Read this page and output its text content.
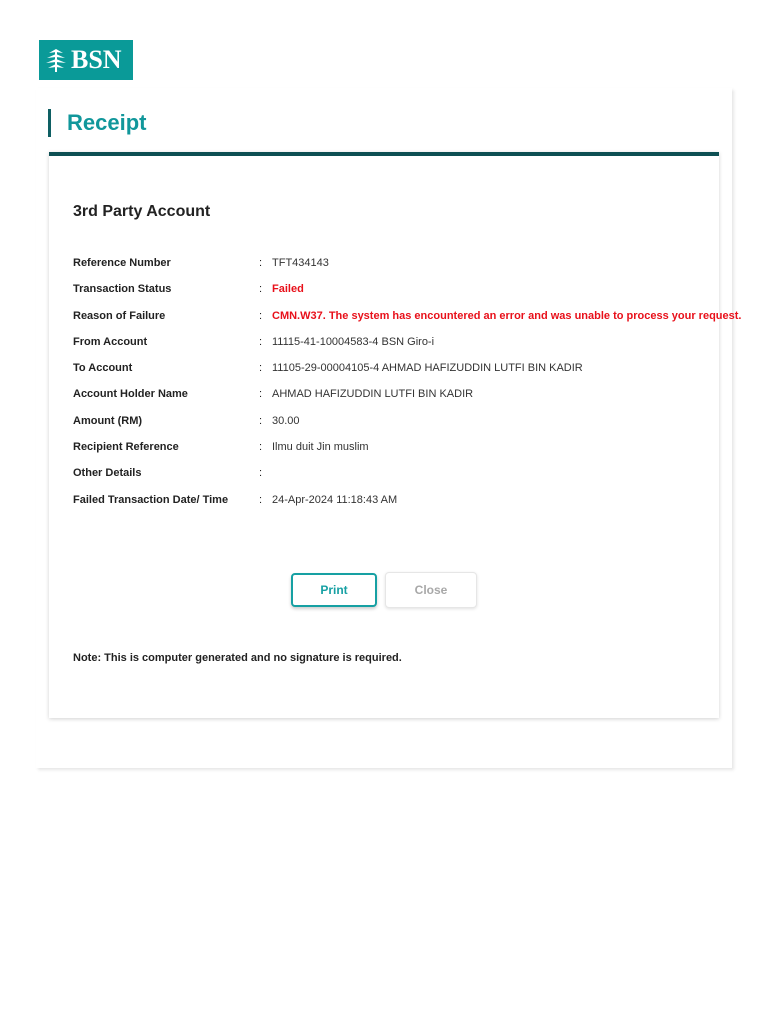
BSN
Receipt
3rd Party Account
Reference Number	: TFT434143
Transaction Status	: Failed
Reason of Failure	: CMN.W37. The system has encountered an error and was unable to process your request.
From Account	: 11115-41-10004583-4 BSN Giro-i
To Account	: 11105-29-00004105-4 AHMAD HAFIZUDDIN LUTFI BIN KADIR
Account Holder Name	: AHMAD HAFIZUDDIN LUTFI BIN KADIR
Amount (RM)	: 30.00
Recipient Reference	: Ilmu duit Jin muslim
Other Details	:
Failed Transaction Date/ Time	: 24-Apr-2024 11:18:43 AM
Print	Close
Note: This is computer generated and no signature is required.
